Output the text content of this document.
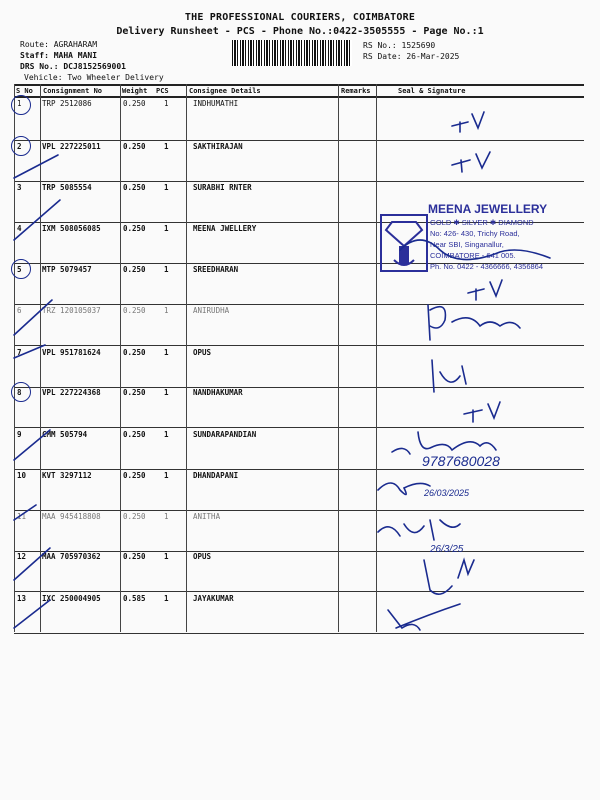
THE PROFESSIONAL COURIERS, COIMBATORE
Delivery Runsheet - PCS - Phone No.:0422-3505555 - Page No.:1
Route: AGRAHARAM
Staff: MAHA MANI
DRS No.: DCJ8152569001
Vehicle: Two Wheeler Delivery
RS No.: 1525690
RS Date: 26-Mar-2025
S No Consignment No	Weight PCS	Consignee Details	Remarks	Seal & Signature
1	TRP 2512086	0.250 1	INDHUMATHI
2	VPL 227225011	0.250 1	SAKTHIRAJAN
3	TRP 5085554	0.250 1	SURABHI RNTER
4	IXM 508056085	0.250 1	MEENA JWELLERY
5	MTP 5079457	0.250 1	SREEDHARAN
6	TRZ 120105037	0.250 1	ANIRUDHA
7	VPL 951781624	0.250 1	OPUS
8	VPL 227224368	0.250 1	NANDHAKUMAR
9	CMM 505794	0.250 1	SUNDARAPANDIAN
10 KVT 3297112	0.250 1	DHANDAPANI
11 MAA 945418808	0.250 1	ANITHA
12 MAA 705970362	0.250 1	OPUS
13 IXC 250004905	0.585 1	JAYAKUMAR
MEENA JEWELLERY
GOLD ✱ SILVER ✱ DIAMOND
No: 426- 430, Trichy Road,
Near SBI, Singanallur,
COIMBATORE - 641 005.
Ph. No. 0422 - 4366666, 4356864
9787680028
26/03/2025
26/3/25
